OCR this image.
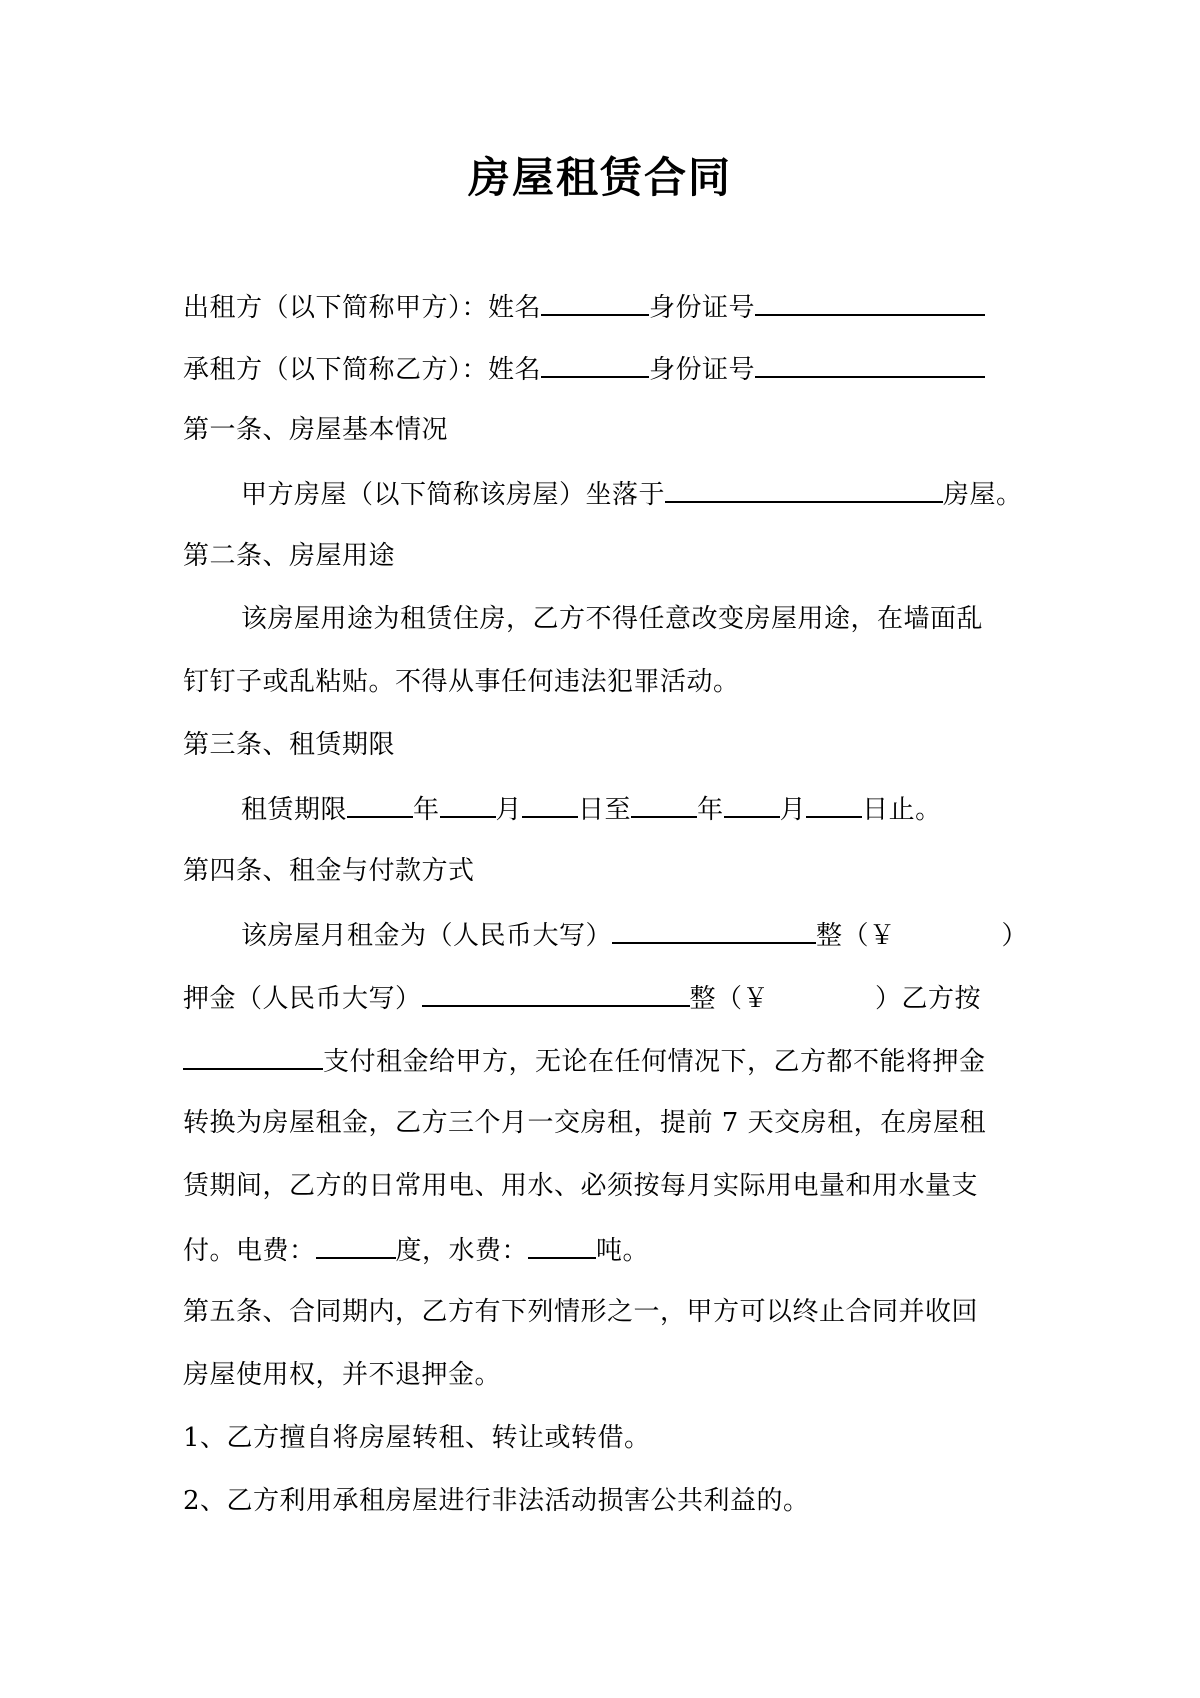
房屋租赁合同
出租方（以下简称甲方）：姓名	身份证号
承租方（以下简称乙方）：姓名	身份证号
第一条、房屋基本情况
甲方房屋（以下简称该房屋）坐落于	房屋。
第二条、房屋用途
该房屋用途为租赁住房，乙方不得任意改变房屋用途，在墙面乱
钉钉子或乱粘贴。不得从事任何违法犯罪活动。
第三条、租赁期限
租赁期限	年 月 日至	年 月 日止。
第四条、租金与付款方式
该房屋月租金为（人民币大写）	整（￥	）
押金（人民币大写）	整（￥	）乙方按
支付租金给甲方，无论在任何情况下，乙方都不能将押金
转换为房屋租金，乙方三个月一交房租，提前 7 天交房租，在房屋租
赁期间，乙方的日常用电、用水、必须按每月实际用电量和用水量支
付。电费：	度，水费：	吨。
第五条、合同期内，乙方有下列情形之一，甲方可以终止合同并收回
房屋使用权，并不退押金。
1、乙方擅自将房屋转租、转让或转借。
2、乙方利用承租房屋进行非法活动损害公共利益的。
